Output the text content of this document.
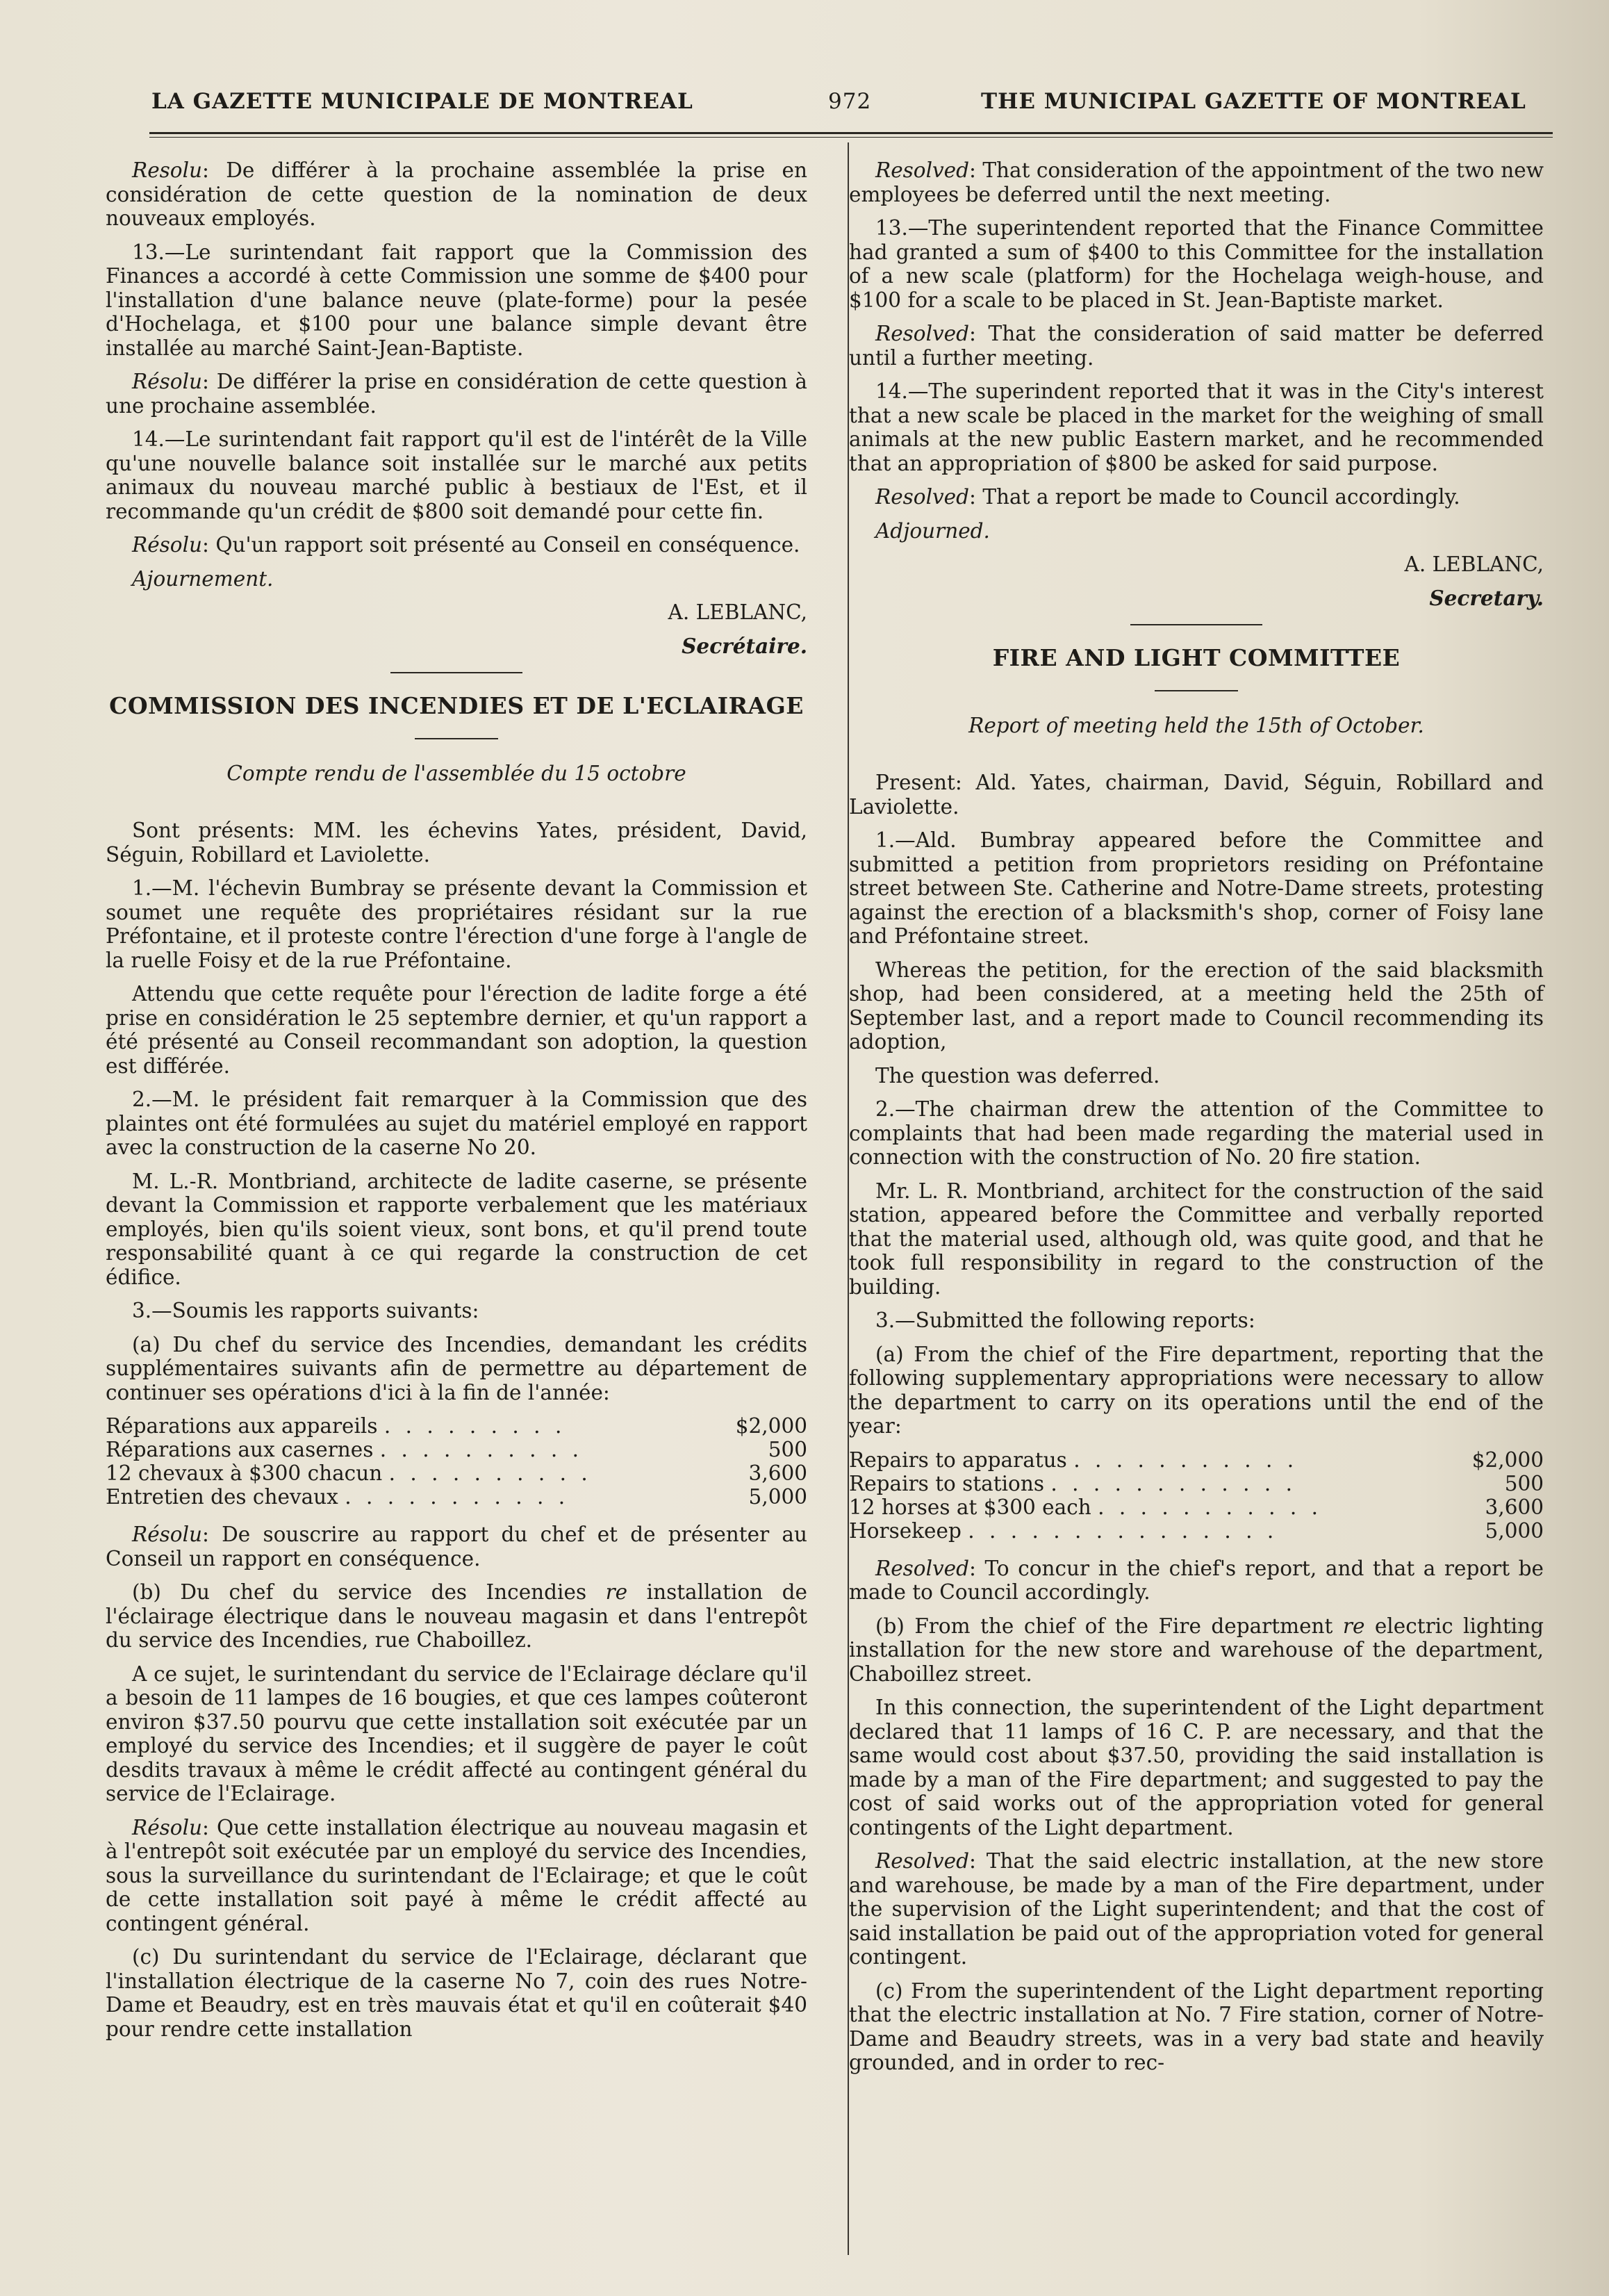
LA GAZETTE MUNICIPALE DE MONTREAL	972	THE MUNICIPAL GAZETTE OF MONTREAL

Resolu: De différer à la prochaine assemblée la prise en considération de cette question de la nomination de deux nouveaux employés.

13.—Le surintendant fait rapport que la Commission des Finances a accordé à cette Commission une somme de $400 pour l'installation d'une balance neuve (plate-forme) pour la pesée d'Hochelaga, et $100 pour une balance simple devant être installée au marché Saint-Jean-Baptiste.

Résolu: De différer la prise en considération de cette question à une prochaine assemblée.

14.—Le surintendant fait rapport qu'il est de l'intérêt de la Ville qu'une nouvelle balance soit installée sur le marché aux petits animaux du nouveau marché public à bestiaux de l'Est, et il recommande qu'un crédit de $800 soit demandé pour cette fin.

Résolu: Qu'un rapport soit présenté au Conseil en conséquence.

Ajournement.

A. LEBLANC,

Secrétaire.

COMMISSION DES INCENDIES ET DE L'ECLAIRAGE

Compte rendu de l'assemblée du 15 octobre

Sont présents: MM. les échevins Yates, président, David, Séguin, Robillard et Laviolette.

1.—M. l'échevin Bumbray se présente devant la Commission et soumet une requête des propriétaires résidant sur la rue Préfontaine, et il proteste contre l'érection d'une forge à l'angle de la ruelle Foisy et de la rue Préfontaine.

Attendu que cette requête pour l'érection de ladite forge a été prise en considération le 25 septembre dernier, et qu'un rapport a été présenté au Conseil recommandant son adoption, la question est différée.

2.—M. le président fait remarquer à la Commission que des plaintes ont été formulées au sujet du matériel employé en rapport avec la construction de la caserne No 20.

M. L.-R. Montbriand, architecte de ladite caserne, se présente devant la Commission et rapporte verbalement que les matériaux employés, bien qu'ils soient vieux, sont bons, et qu'il prend toute responsabilité quant à ce qui regarde la construction de cet édifice.

3.—Soumis les rapports suivants:

(a) Du chef du service des Incendies, demandant les crédits supplémentaires suivants afin de permettre au département de continuer ses opérations d'ici à la fin de l'année:

Réparations aux appareils . . . . . . . . .	$2,000
Réparations aux casernes . . . . . . . . . .	500
12 chevaux à $300 chacun . . . . . . . . . .	3,600
Entretien des chevaux . . . . . . . . . . .	5,000

Résolu: De souscrire au rapport du chef et de présenter au Conseil un rapport en conséquence.

(b) Du chef du service des Incendies re installation de l'éclairage électrique dans le nouveau magasin et dans l'entrepôt du service des Incendies, rue Chaboillez.

A ce sujet, le surintendant du service de l'Eclairage déclare qu'il a besoin de 11 lampes de 16 bougies, et que ces lampes coûteront environ $37.50 pourvu que cette installation soit exécutée par un employé du service des Incendies; et il suggère de payer le coût desdits travaux à même le crédit affecté au contingent général du service de l'Eclairage.

Résolu: Que cette installation électrique au nouveau magasin et à l'entrepôt soit exécutée par un employé du service des Incendies, sous la surveillance du surintendant de l'Eclairage; et que le coût de cette installation soit payé à même le crédit affecté au contingent général.

(c) Du surintendant du service de l'Eclairage, déclarant que l'installation électrique de la caserne No 7, coin des rues Notre-Dame et Beaudry, est en très mauvais état et qu'il en coûterait $40 pour rendre cette installation

Resolved: That consideration of the appointment of the two new employees be deferred until the next meeting.

13.—The superintendent reported that the Finance Committee had granted a sum of $400 to this Committee for the installation of a new scale (platform) for the Hochelaga weigh-house, and $100 for a scale to be placed in St. Jean-Baptiste market.

Resolved: That the consideration of said matter be deferred until a further meeting.

14.—The superindent reported that it was in the City's interest that a new scale be placed in the market for the weighing of small animals at the new public Eastern market, and he recommended that an appropriation of $800 be asked for said purpose.

Resolved: That a report be made to Council accordingly.

Adjourned.

A. LEBLANC,

Secretary.

FIRE AND LIGHT COMMITTEE

Report of meeting held the 15th of October.

Present: Ald. Yates, chairman, David, Séguin, Robillard and Laviolette.

1.—Ald. Bumbray appeared before the Committee and submitted a petition from proprietors residing on Préfontaine street between Ste. Catherine and Notre-Dame streets, protesting against the erection of a blacksmith's shop, corner of Foisy lane and Préfontaine street.

Whereas the petition, for the erection of the said blacksmith shop, had been considered, at a meeting held the 25th of September last, and a report made to Council recommending its adoption,

The question was deferred.

2.—The chairman drew the attention of the Committee to complaints that had been made regarding the material used in connection with the construction of No. 20 fire station.

Mr. L. R. Montbriand, architect for the construction of the said station, appeared before the Committee and verbally reported that the material used, although old, was quite good, and that he took full responsibility in regard to the construction of the building.

3.—Submitted the following reports:

(a) From the chief of the Fire department, reporting that the following supplementary appropriations were necessary to allow the department to carry on its operations until the end of the year:

Repairs to apparatus . . . . . . . . . . .	$2,000
Repairs to stations . . . . . . . . . . . .	500
12 horses at $300 each . . . . . . . . . . .	3,600
Horsekeep . . . . . . . . . . . . . . .	5,000

Resolved: To concur in the chief's report, and that a report be made to Council accordingly.

(b) From the chief of the Fire department re electric lighting installation for the new store and warehouse of the department, Chaboillez street.

In this connection, the superintendent of the Light department declared that 11 lamps of 16 C. P. are necessary, and that the same would cost about $37.50, providing the said installation is made by a man of the Fire department; and suggested to pay the cost of said works out of the appropriation voted for general contingents of the Light department.

Resolved: That the said electric installation, at the new store and warehouse, be made by a man of the Fire department, under the supervision of the Light superintendent; and that the cost of said installation be paid out of the appropriation voted for general contingent.

(c) From the superintendent of the Light department reporting that the electric installation at No. 7 Fire station, corner of Notre-Dame and Beaudry streets, was in a very bad state and heavily grounded, and in order to rec-
